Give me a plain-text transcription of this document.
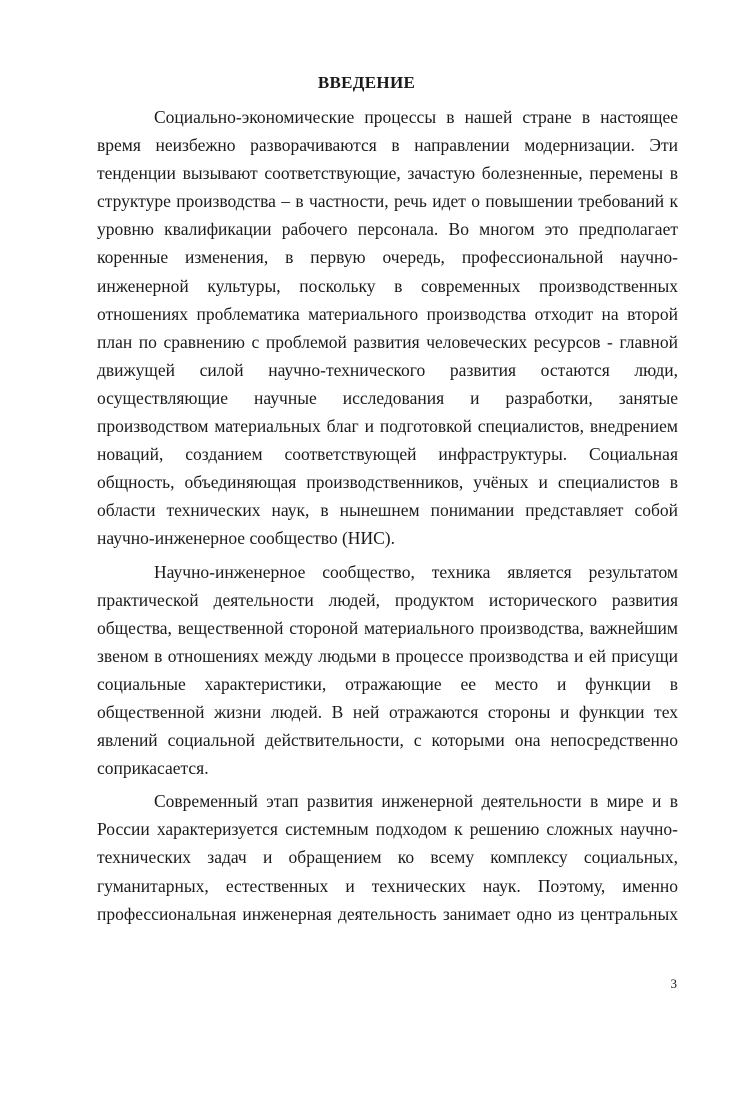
ВВЕДЕНИЕ
Социально-экономические процессы в нашей стране в настоящее
время неизбежно разворачиваются в направлении модернизации. Эти
тенденции вызывают соответствующие, зачастую болезненные, перемены в
структуре производства – в частности, речь идет о повышении требований к
уровню квалификации рабочего персонала. Во многом это предполагает
коренные изменения, в первую очередь, профессиональной научно-
инженерной культуры, поскольку в современных производственных
отношениях проблематика материального производства отходит на второй
план по сравнению с проблемой развития человеческих ресурсов - главной
движущей силой научно-технического развития остаются люди,
осуществляющие научные исследования и разработки, занятые
производством материальных благ и подготовкой специалистов, внедрением
новаций, созданием соответствующей инфраструктуры. Социальная
общность, объединяющая производственников, учёных и специалистов в
области технических наук, в нынешнем понимании представляет собой
научно-инженерное сообщество (НИС).
Научно-инженерное сообщество, техника является результатом
практической деятельности людей, продуктом исторического развития
общества, вещественной стороной материального производства, важнейшим
звеном в отношениях между людьми в процессе производства и ей присущи
социальные характеристики, отражающие ее место и функции в
общественной жизни людей. В ней отражаются стороны и функции тех
явлений социальной действительности, с которыми она непосредственно
соприкасается.
Современный этап развития инженерной деятельности в мире и в
России характеризуется системным подходом к решению сложных научно-
технических задач и обращением ко всему комплексу социальных,
гуманитарных, естественных и технических наук. Поэтому, именно
профессиональная инженерная деятельность занимает одно из центральных
3
